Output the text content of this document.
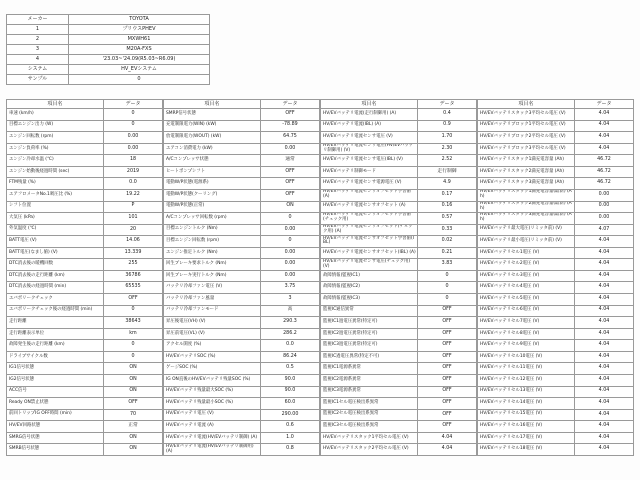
メーカー	TOYOTA
1	プリウスPHEV
2	MXWH61
3	M20A-FXS
4	'23.03~'24.09(R5.03~R6.09)
システム	HV_EVシステム
サンプル	0
項目名	データ
車速 (km/h)	0
目標エンジン出力 (W)	0
エンジン回転数 (rpm)	0.00
エンジン負荷率 (%)	0.00
エンジン冷却水温 (℃)	18
エンジン始動後経過時間 (sec)	2019
FTM残量 (%)	0.0
エアフロメータNo.1吸圧比 (%)	19.22
シフト位置	P
大気圧 (kPa)	101
外気温度 (℃)	20
BATT電圧 (V)	14.06
BATT電圧(なまし値) (V)	13.339
DTC消去後の暖機回数	255
DTC消去後の走行距離 (km)	36786
DTC消去後の経過時間 (min)	65535
エバポリークチェック	OFF
エバポリークチェック後の経過時間 (min)	0
走行距離	38643
走行距離表示単位	km
故障発生後の走行距離 (km)	0
ドライブサイクル数	0
IG1信号状態	ON
IG2信号状態	ON
ACC信号	ON
Ready ON禁止状態	OFF
前回トリップIG OFF時間 (min)	70
HV/EV回路状態	正常
SMRG信号状態	ON
SMRB信号状態	ON
項目名	データ
SMRP信号状態	OFF
充電制限電力(WIN) (kW)	-78.89
放電制限電力(WOUT) (kW)	64.75
エアコン消費電力 (kW)	0.00
A/Cコンプレッサ状態	通常
ヒートポンプシフト	OFF
電動W/P状態(電源系)	OFF
電動W/P状態(クーリング)	OFF
電動W/P状態(正常)	ON
A/Cコンプレッサ回転数 (rpm)	0
目標エンジントルク (Nm)	0.00
目標エンジン回転数 (rpm)	0
エンジン推定トルク (Nm)	0.00
回生ブレーキ要求トルク (Nm)	0.00
回生ブレーキ実行トルク (Nm)	0.00
バッテリ冷却ファン電圧 (V)	3.75
バッテリ冷却ファン風量	3
バッテリ冷却ファンモード	高
昇圧後電圧(VH) (V)	290.3
昇圧前電圧(VL) (V)	286.2
アクセル開度 (%)	0.0
HV/EVバッテリSOC (%)	86.24
ゲージSOC (%)	0.5
IG ON直後のHV/EVバッテリ残量SOC (%)	90.0
HV/EVバッテリ残量最大SOC (%)	90.0
HV/EVバッテリ残量最小SOC (%)	60.0
HV/EVバッテリ電圧 (V)	290.00
HV/EVバッテリ電流 (A)	0.6
HV/EVバッテリ電流(HV/EVバッテリ制御) (A)	1.0
HV/EVバッテリ電流(HV/EVバッテリ制御用) (A)	0.8
項目名	データ
HV/EVバッテリ電流(走行制御用) (A)	0.4
HV/EVバッテリ電流(IBL) (A)	0.9
HV/EVバッテリ電流センサ電圧 (V)	1.70
HV/EVバッテリ電流センサ電圧(HV/EVバッテリ制御用) (V)	2.30
HV/EVバッテリ電流センサ電圧(IBL) (V)	2.52
HV/EVバッテリ制御モード	走行制御
HV/EVバッテリ電流センサ電源電圧 (V)	4.9
HV/EVバッテリ電流センサオフセット学習値 (A)	0.17
HV/EVバッテリ電流センサオフセット (A)	0.16
HV/EVバッテリ電流センサオフセット学習値(チェック用)	0.57
HV/EVバッテリ電流センサオフセット(チェック用) (A)	0.33
HV/EVバッテリ電流センサオフセット学習値(IBL)	0.02
HV/EVバッテリ電流センサオフセット(IBL) (A)	0.21
HV/EVバッテリ電流センサ電圧(チェック用) (V)	3.83
故障情報(監視IC1)	0
故障情報(監視IC2)	0
故障情報(監視IC3)	0
監視IC通信異常	OFF
監視IC1過電圧異常(特定可)	OFF
監視IC2過電圧異常(特定可)	OFF
監視IC3過電圧異常(特定可)	OFF
監視IC過電圧異常(特定不可)	OFF
監視IC1電源系異常	OFF
監視IC2電源系異常	OFF
監視IC3電源系異常	OFF
監視IC1セル電圧検出系異常	OFF
監視IC2セル電圧検出系異常	OFF
監視IC3セル電圧検出系異常	OFF
HV/EVバッテリスタック1平均セル電圧 (V)	4.04
HV/EVバッテリスタック2平均セル電圧 (V)	4.04
項目名	データ
HV/EVバッテリスタック3平均セル電圧 (V)	4.04
HV/EVバッテリブロック1平均セル電圧 (V)	4.04
HV/EVバッテリブロック2平均セル電圧 (V)	4.04
HV/EVバッテリブロック3平均セル電圧 (V)	4.04
HV/EVバッテリスタック1満充電容量 (Ah)	46.72
HV/EVバッテリスタック2満充電容量 (Ah)	46.72
HV/EVバッテリスタック3満充電容量 (Ah)	46.72
HV/EVバッテリスタック1満充電容量(最新) (Ah)	0.00
HV/EVバッテリスタック2満充電容量(最新) (Ah)	0.00
HV/EVバッテリスタック3満充電容量(最新) (Ah)	0.00
HV/EVバッテリ最大電圧(リミッタ前) (V)	4.07
HV/EVバッテリ最小電圧(リミッタ前) (V)	4.04
HV/EVバッテリセル1電圧 (V)	4.04
HV/EVバッテリセル2電圧 (V)	4.04
HV/EVバッテリセル3電圧 (V)	4.04
HV/EVバッテリセル4電圧 (V)	4.04
HV/EVバッテリセル5電圧 (V)	4.04
HV/EVバッテリセル6電圧 (V)	4.04
HV/EVバッテリセル7電圧 (V)	4.04
HV/EVバッテリセル8電圧 (V)	4.04
HV/EVバッテリセル9電圧 (V)	4.04
HV/EVバッテリセル10電圧 (V)	4.04
HV/EVバッテリセル11電圧 (V)	4.04
HV/EVバッテリセル12電圧 (V)	4.04
HV/EVバッテリセル13電圧 (V)	4.04
HV/EVバッテリセル14電圧 (V)	4.04
HV/EVバッテリセル15電圧 (V)	4.04
HV/EVバッテリセル16電圧 (V)	4.04
HV/EVバッテリセル17電圧 (V)	4.04
HV/EVバッテリセル18電圧 (V)	4.04
